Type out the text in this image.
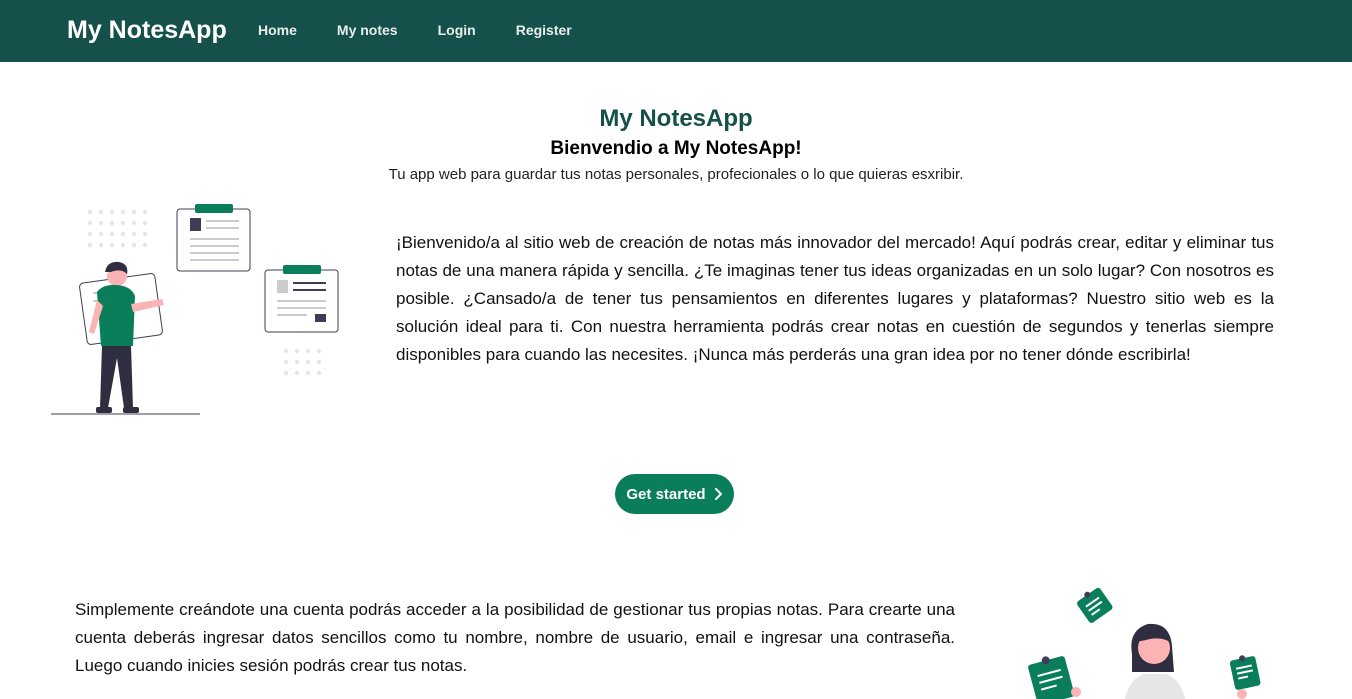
My NotesApp Home	My notes	Login	Register
My NotesApp
Bienvendio a My NotesApp!

Tu app web para guardar tus notas personales, profecionales o lo que quieras esxribir.

¡Bienvenido/a al sitio web de creación de notas más innovador del mercado! Aquí podrás crear, editar y eliminar tus notas de una manera rápida y sencilla. ¿Te imaginas tener tus ideas organizadas en un solo lugar? Con nosotros es posible. ¿Cansado/a de tener tus pensamientos en diferentes lugares y plataformas? Nuestro sitio web es la solución ideal para ti. Con nuestra herramienta podrás crear notas en cuestión de segundos y tenerlas siempre disponibles para cuando las necesites. ¡Nunca más perderás una gran idea por no tener dónde escribirla!

Get started

Simplemente creándote una cuenta podrás acceder a la posibilidad de gestionar tus propias notas. Para crearte una cuenta deberás ingresar datos sencillos como tu nombre, nombre de usuario, email e ingresar una contraseña. Luego cuando inicies sesión podrás crear tus notas.
